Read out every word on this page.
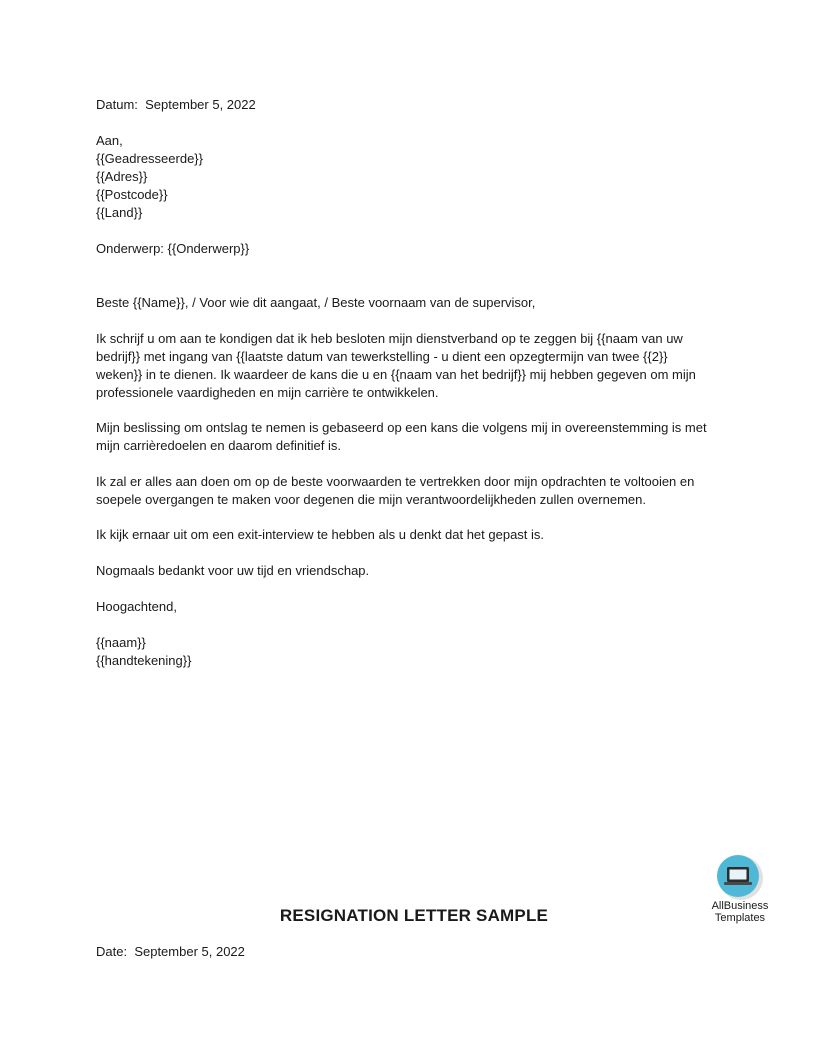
Datum: September 5, 2022

Aan,

{{Geadresseerde}}

{{Adres}}

{{Postcode}}

{{Land}}

Onderwerp: {{Onderwerp}}

Beste {{Name}}, / Voor wie dit aangaat, / Beste voornaam van de supervisor,

Ik schrijf u om aan te kondigen dat ik heb besloten mijn dienstverband op te zeggen bij {{naam van uw
bedrijf}} met ingang van {{laatste datum van tewerkstelling - u dient een opzegtermijn van twee {{2}}
weken}} in te dienen. Ik waardeer de kans die u en {{naam van het bedrijf}} mij hebben gegeven om mijn
professionele vaardigheden en mijn carrière te ontwikkelen.
Mijn beslissing om ontslag te nemen is gebaseerd op een kans die volgens mij in overeenstemming is met
mijn carrièredoelen en daarom definitief is.
Ik zal er alles aan doen om op de beste voorwaarden te vertrekken door mijn opdrachten te voltooien en
soepele overgangen te maken voor degenen die mijn verantwoordelijkheden zullen overnemen.

Ik kijk ernaar uit om een exit-interview te hebben als u denkt dat het gepast is.

Nogmaals bedankt voor uw tijd en vriendschap.

Hoogachtend,

{{naam}}

{{handtekening}}

AllBusiness
Templates
RESIGNATION LETTER SAMPLE

Date: September 5, 2022
